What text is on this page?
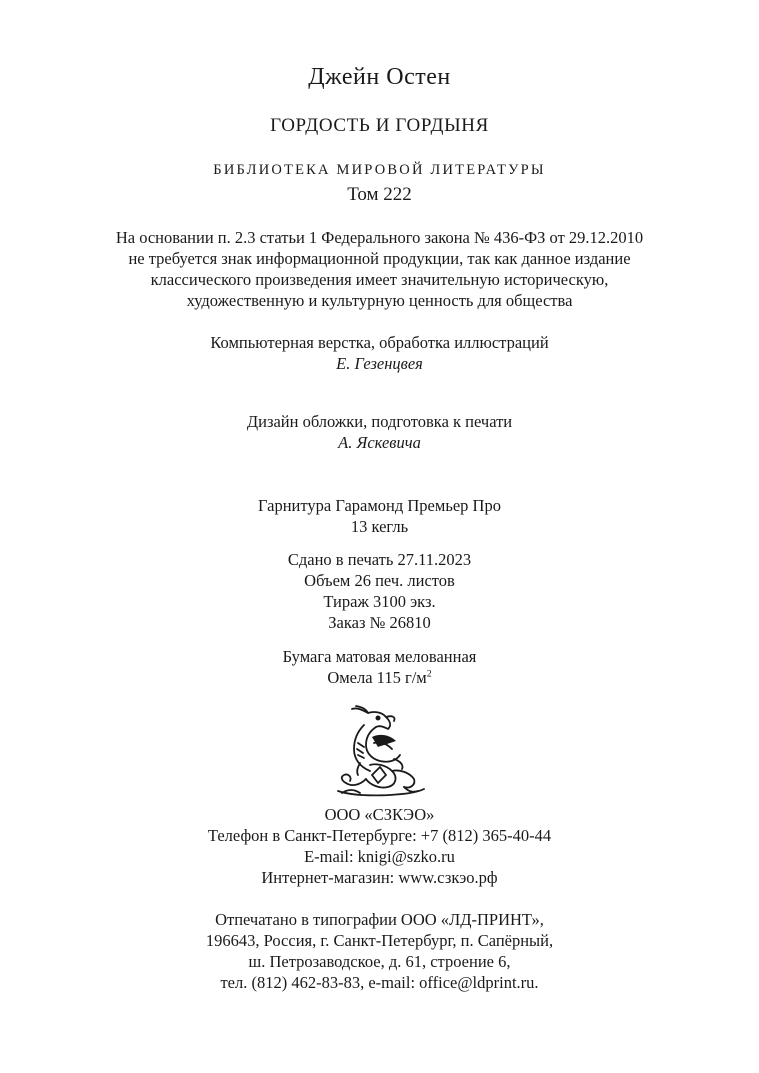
Джейн Остен
ГОРДОСТЬ И ГОРДЫНЯ
БИБЛИОТЕКА МИРОВОЙ ЛИТЕРАТУРЫ
Том 222
На основании п. 2.3 статьи 1 Федерального закона № 436-ФЗ от 29.12.2010
не требуется знак информационной продукции, так как данное издание
классического произведения имеет значительную историческую,
художественную и культурную ценность для общества
Компьютерная верстка, обработка иллюстраций
Е. Гезенцвея
Дизайн обложки, подготовка к печати
А. Яскевича
Гарнитура Гарамонд Премьер Про
13 кегль
Сдано в печать 27.11.2023
Объем 26 печ. листов
Тираж 3100 экз.
Заказ № 26810
Бумага матовая мелованная
Омела 115 $г/м^2$
ООО «СЗКЭО»
Телефон в Санкт-Петербурге: +7 (812) 365-40-44
E-mail: knigi@szko.ru
Интернет-магазин: www.сзкэо.рф
Отпечатано в типографии ООО «ЛД-ПРИНТ»,
196643, Россия, г. Санкт-Петербург, п. Сапёрный,
ш. Петрозаводское, д. 61, строение 6,
тел. (812) 462-83-83, e-mail: office@ldprint.ru.
